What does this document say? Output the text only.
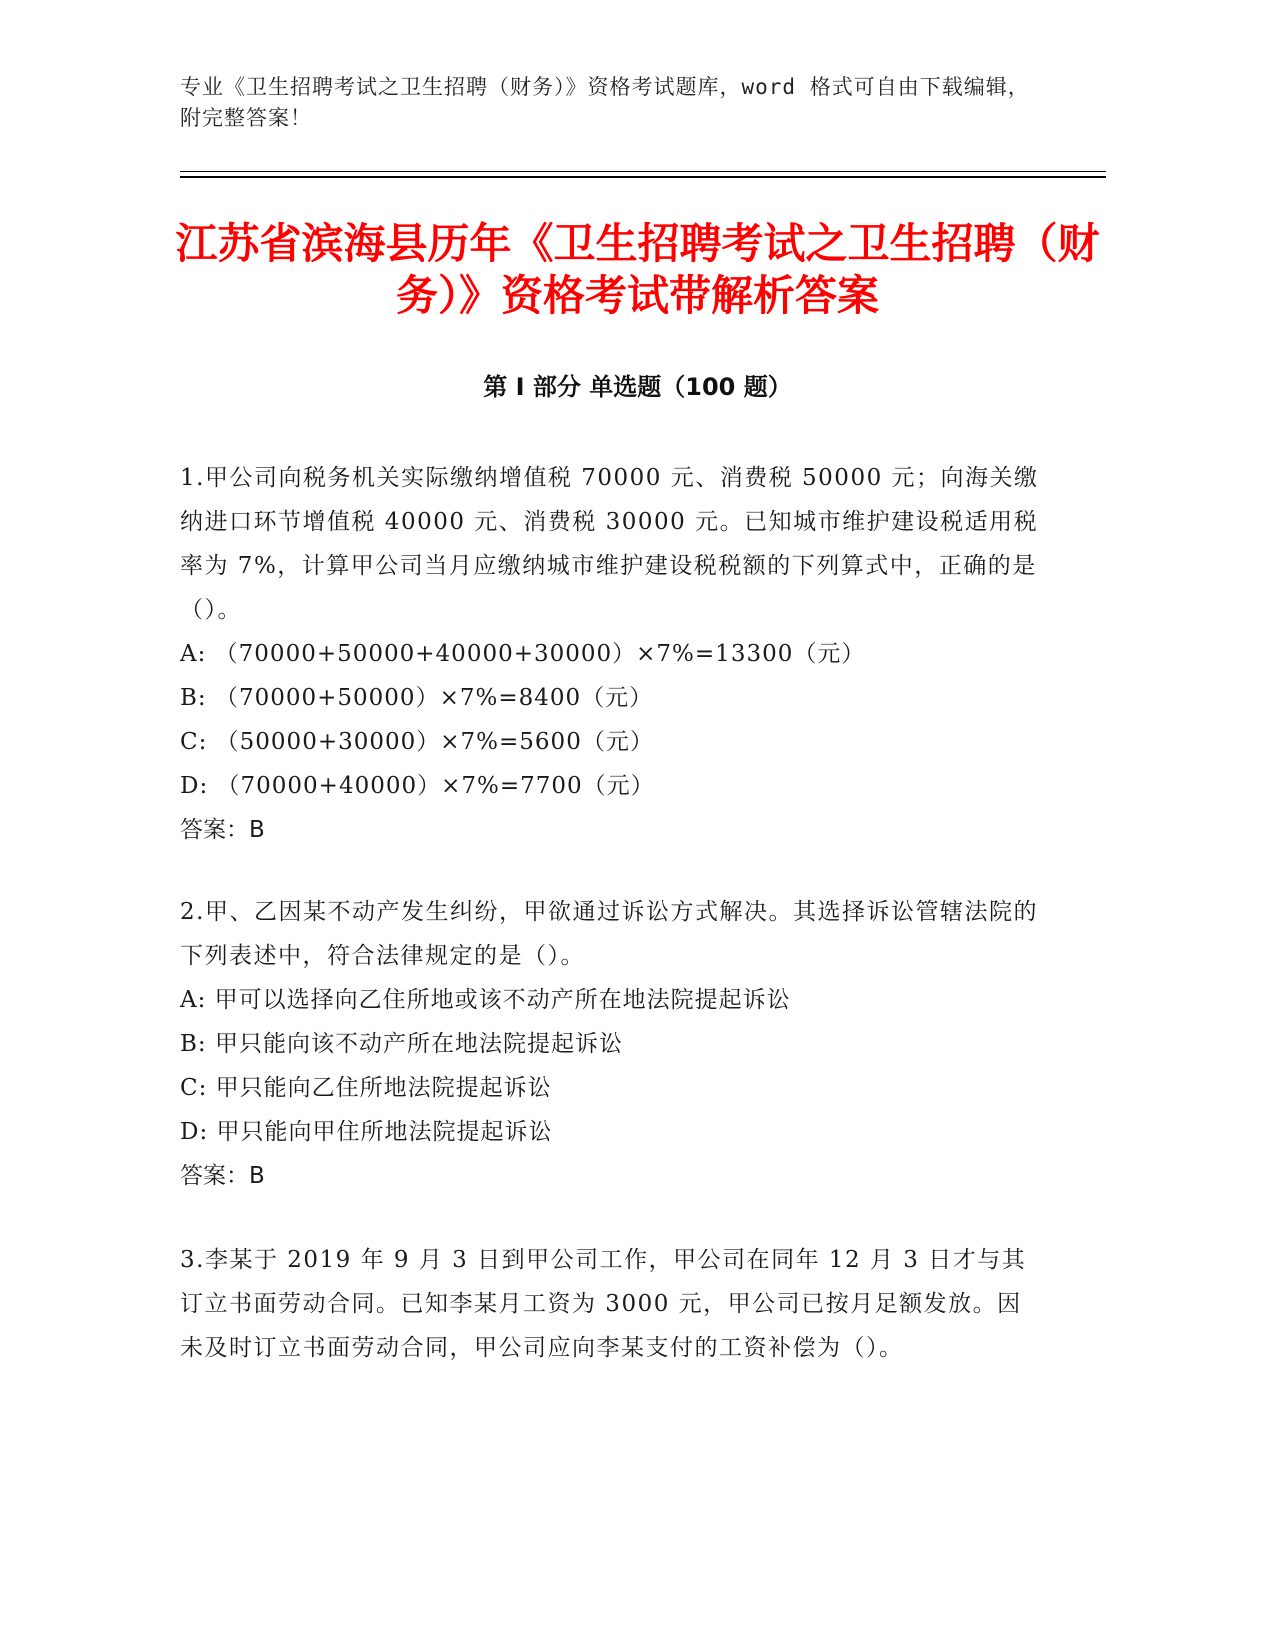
专业《卫生招聘考试之卫生招聘（财务）》资格考试题库，word 格式可自由下载编辑，附完整答案！
江苏省滨海县历年《卫生招聘考试之卫生招聘（财务）》资格考试带解析答案
第 I 部分 单选题（100 题）

1.甲公司向税务机关实际缴纳增值税 70000 元、消费税 50000 元；向海关缴纳进口环节增值税 40000 元、消费税 30000 元。已知城市维护建设税适用税率为 7%，计算甲公司当月应缴纳城市维护建设税税额的下列算式中，正确的是（）。

A: （70000+50000+40000+30000）×7%=13300（元）

B: （70000+50000）×7%=8400（元）

C: （50000+30000）×7%=5600（元）

D: （70000+40000）×7%=7700（元）

答案：B

2.甲、乙因某不动产发生纠纷，甲欲通过诉讼方式解决。其选择诉讼管辖法院的下列表述中，符合法律规定的是（）。

A: 甲可以选择向乙住所地或该不动产所在地法院提起诉讼

B: 甲只能向该不动产所在地法院提起诉讼

C: 甲只能向乙住所地法院提起诉讼

D: 甲只能向甲住所地法院提起诉讼

答案：B

3.李某于 2019 年 9 月 3 日到甲公司工作，甲公司在同年 12 月 3 日才与其订立书面劳动合同。已知李某月工资为 3000 元，甲公司已按月足额发放。因未及时订立书面劳动合同，甲公司应向李某支付的工资补偿为（）。
